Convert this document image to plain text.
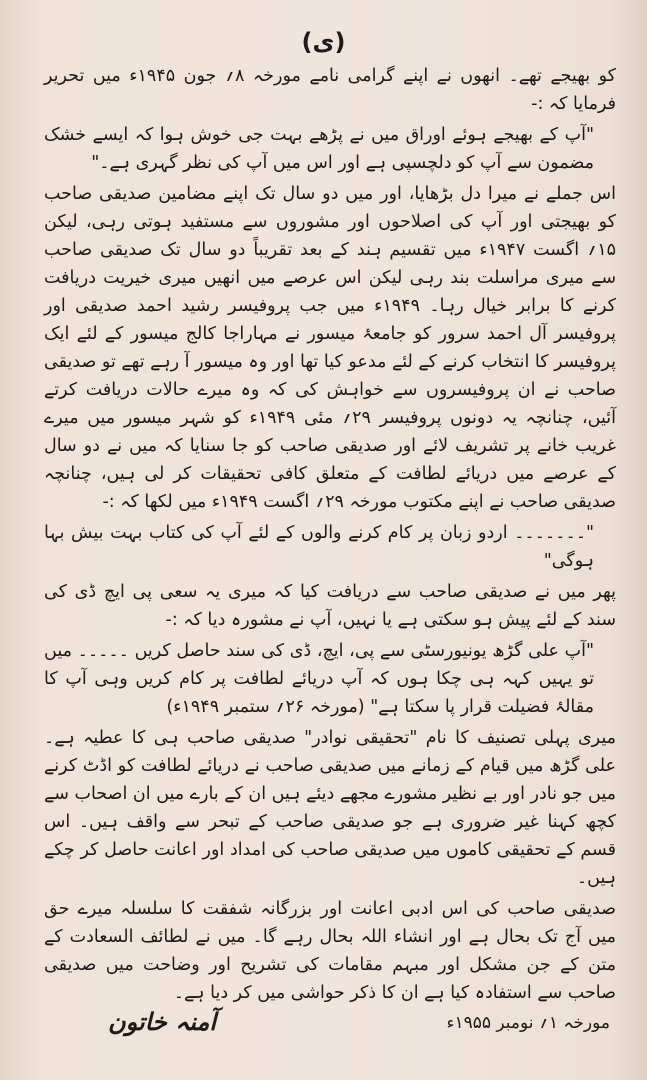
(ی)

کو بھیجے تھے۔ انھوں نے اپنے گرامی نامے مورخہ ۸؍ جون ۱۹۴۵ء میں تحریر فرمایا کہ :-

"آپ کے بھیجے ہوئے اوراق میں نے پڑھے بہت جی خوش ہوا کہ ایسے خشک مضمون سے آپ کو دلچسپی ہے اور اس میں آپ کی نظر گہری ہے۔"

اس جملے نے میرا دل بڑھایا، اور میں دو سال تک اپنے مضامین صدیقی صاحب کو بھیجتی اور آپ کی اصلاحوں اور مشوروں سے مستفید ہوتی رہی، لیکن ۱۵؍ اگست ۱۹۴۷ء میں تقسیم ہند کے بعد تقریباً دو سال تک صدیقی صاحب سے میری مراسلت بند رہی لیکن اس عرصے میں انھیں میری خیریت دریافت کرنے کا برابر خیال رہا۔ ۱۹۴۹ء میں جب پروفیسر رشید احمد صدیقی اور پروفیسر آل احمد سرور کو جامعۂ میسور نے مہاراجا کالج میسور کے لئے ایک پروفیسر کا انتخاب کرنے کے لئے مدعو کیا تھا اور وہ میسور آ رہے تھے تو صدیقی صاحب نے ان پروفیسروں سے خواہش کی کہ وہ میرے حالات دریافت کرتے آئیں، چنانچہ یہ دونوں پروفیسر ۲۹؍ مئی ۱۹۴۹ء کو شہر میسور میں میرے غریب خانے پر تشریف لائے اور صدیقی صاحب کو جا سنایا کہ میں نے دو سال کے عرصے میں دریائے لطافت کے متعلق کافی تحقیقات کر لی ہیں، چنانچہ صدیقی صاحب نے اپنے مکتوب مورخہ ۲۹؍ اگست ۱۹۴۹ء میں لکھا کہ :-

"۔۔۔۔۔۔۔ اردو زبان پر کام کرنے والوں کے لئے آپ کی کتاب بہت بیش بہا ہوگی"

پھر میں نے صدیقی صاحب سے دریافت کیا کہ میری یہ سعی پی ایچ ڈی کی سند کے لئے پیش ہو سکتی ہے یا نہیں، آپ نے مشورہ دیا کہ :-

"آپ علی گڑھ یونیورسٹی سے پی، ایچ، ڈی کی سند حاصل کریں ۔۔۔۔۔ میں تو یہیں کہہ ہی چکا ہوں کہ آپ دریائے لطافت پر کام کریں وہی آپ کا مقالۂ فضیلت قرار پا سکتا ہے" (مورخہ ۲۶؍ ستمبر ۱۹۴۹ء)

میری پہلی تصنیف کا نام "تحقیقی نوادر" صدیقی صاحب ہی کا عطیہ ہے۔ علی گڑھ میں قیام کے زمانے میں صدیقی صاحب نے دریائے لطافت کو اڈٹ کرنے میں جو نادر اور بے نظیر مشورے مجھے دیئے ہیں ان کے بارے میں ان اصحاب سے کچھ کہنا غیر ضروری ہے جو صدیقی صاحب کے تبحر سے واقف ہیں۔ اس قسم کے تحقیقی کاموں میں صدیقی صاحب کی امداد اور اعانت حاصل کر چکے ہیں۔

صدیقی صاحب کی اس ادبی اعانت اور بزرگانہ شفقت کا سلسلہ میرے حق میں آج تک بحال ہے اور انشاء اللہ بحال رہے گا۔ میں نے لطائف السعادت کے متن کے جن مشکل اور مبہم مقامات کی تشریح اور وضاحت میں صدیقی صاحب سے استفادہ کیا ہے ان کا ذکر حواشی میں کر دیا ہے۔

مورخہ ۱؍ نومبر ۱۹۵۵ء
آمنہ خاتون
